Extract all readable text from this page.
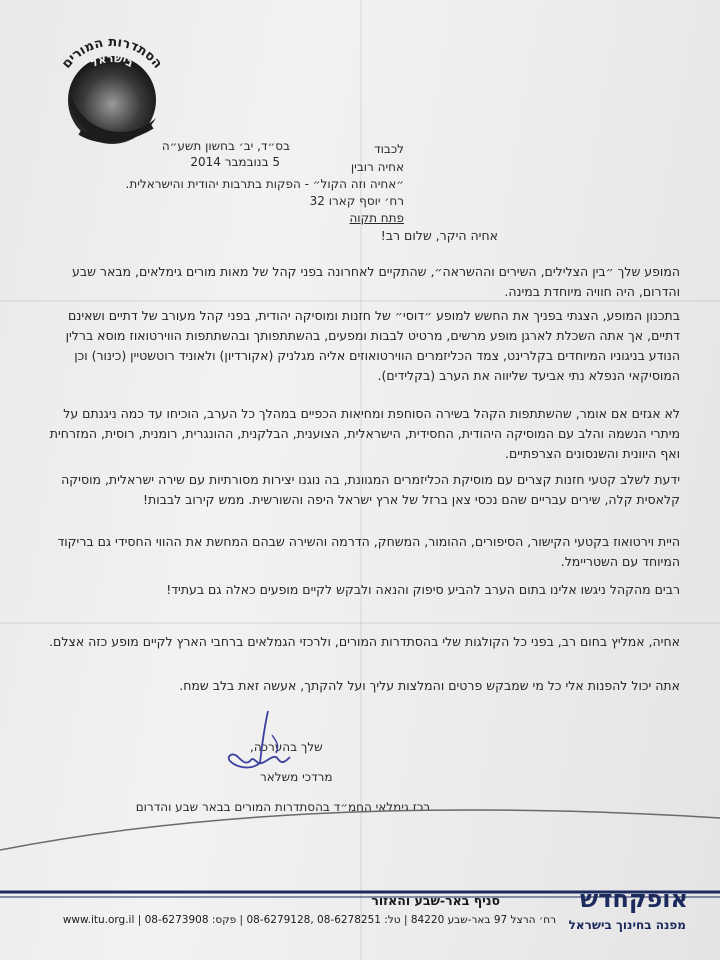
הסתדרות המורים
בישראל
בס״ד, יב׳ בחשון תשע״ה
5 בנובמבר 2014
לכבוד
אחיה רובין
״אחיה וזה הקול״ - הפקות בתרבות יהודית והישראלית.
רח׳ יוסף קארו 32
פתח תקוה
אחיה היקר, שלום רב!
המופע שלך ״בין הצלילים, השירים וההשראה״, שהתקיים לאחרונה בפני קהל של מאות מורים גימלאים, מבאר שבע והדרום, היה חוויה מיוחדת במינה.
בתכנון המופע, הצגתי בפניך את החשש למופע ״דוסי״ של חזנות ומוסיקה יהודית, בפני קהל מעורב של דתיים ושאינם דתיים, אך אתה השכלת לארגן מופע מרשים, מרטיט לבבות ומפעים, בהשתתפותך ובהשתתפות הווירטואוז מוסא ברלין הנודע בניגוניו המיוחדים בקלרינט, צמד הכליזמרים הווירטואוזים אליה מגלניק (אקורדיון) ולאוניד רוטשטיין (כינור) וכן המוסיקאי הנפלא נתי אביעד שליווה את הערב (בקלידים).
לא אגזים אם אומר, שהשתתפות הקהל בשירה הסוחפת ומחיאות הכפיים במהלך כל הערב, הוכיחו עד כמה ניגנתם על מיתרי הנשמה והלב עם המוסיקה היהודית, החסידית, הישראלית, הצוענית, הבלקנית, ההונגרית, רומנית, רוסית, המזרחית ואף היוונית והשנסונים הצרפתיים.
ידעת לשלב קטעי חזנות קצרים עם מוסיקת הכליזמרים המגוונת, בה נוגנו יצירות מסורתיות עם שירה ישראלית, מוסיקה קלאסית קלה, שירים עבריים שהם נכסי צאן ברזל של ארץ ישראל היפה והשורשית. ממש קירוב לבבות!
היית וירטואוז בקטעי הקישור, הסיפורים, ההומור, המשחק, הדרמה והשירה שבהם המחשת את ההווי החסידי גם בריקוד המיוחד עם השטריימל.
רבים מהקהל ניגשו אלינו בתום הערב להביע סיפוק והנאה ולבקש לקיים מופעים כאלה גם בעתיד!
אחיה, אמליץ בחום רב, בפני כל הקולגות שלי בהסתדרות המורים, ולרכזי הגמלאים ברחבי הארץ לקיים מופע כזה אצלם.
אתה יכול להפנות אלי כל מי שמבקש פרטים והמלצות עליך ועל להקתך, אעשה זאת בלב שמח.
שלך בהערכה,
מרדכי משלאר
רכז גימלאי החמ״ד בהסתדרות המורים בבאר שבע והדרום
אופקחדש
מפנה בחינוך בישראל
סניף באר-שבע והאזור
רח׳ הרצל 97 באר-שבע 84220 | טל: 08-6278251 ,08-6279128 | פקס: 08-6273908 | www.itu.org.il
